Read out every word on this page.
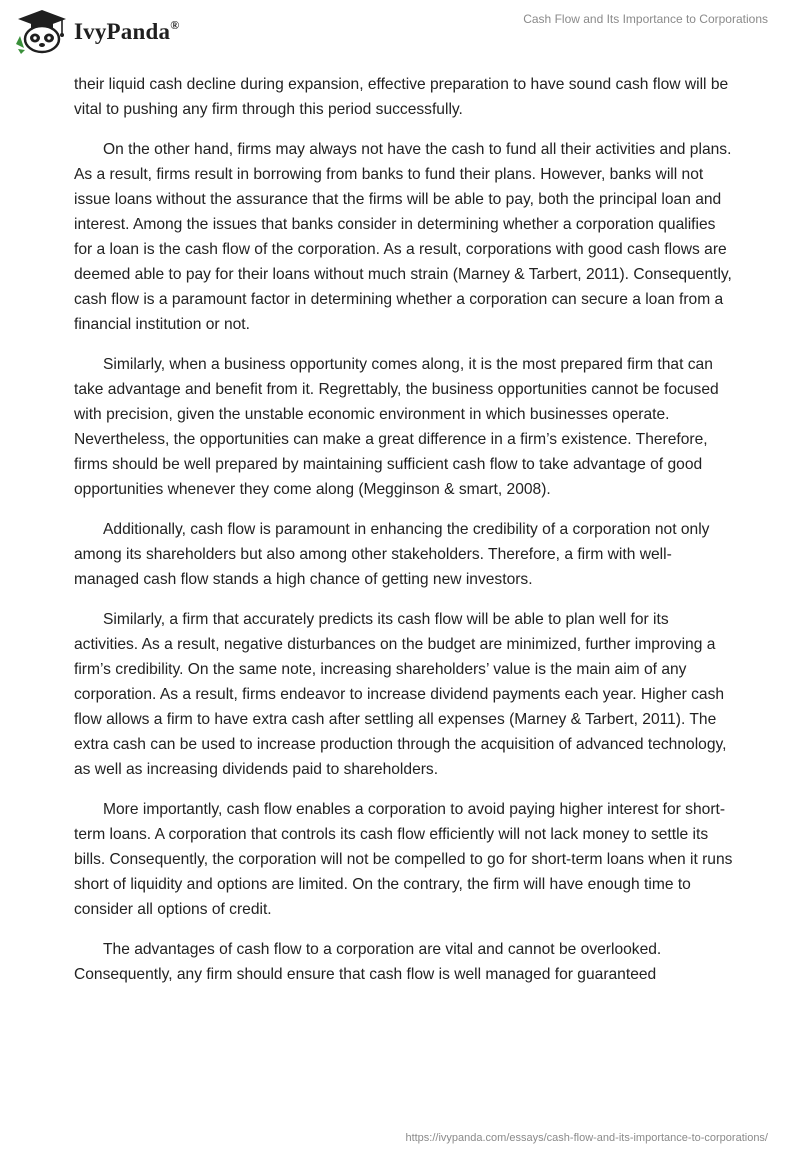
IvyPanda®	Cash Flow and Its Importance to Corporations

their liquid cash decline during expansion, effective preparation to have sound cash flow will be vital to pushing any firm through this period successfully.

On the other hand, firms may always not have the cash to fund all their activities and plans. As a result, firms result in borrowing from banks to fund their plans. However, banks will not issue loans without the assurance that the firms will be able to pay, both the principal loan and interest. Among the issues that banks consider in determining whether a corporation qualifies for a loan is the cash flow of the corporation. As a result, corporations with good cash flows are deemed able to pay for their loans without much strain (Marney & Tarbert, 2011). Consequently, cash flow is a paramount factor in determining whether a corporation can secure a loan from a financial institution or not.

Similarly, when a business opportunity comes along, it is the most prepared firm that can take advantage and benefit from it. Regrettably, the business opportunities cannot be focused with precision, given the unstable economic environment in which businesses operate. Nevertheless, the opportunities can make a great difference in a firm’s existence. Therefore, firms should be well prepared by maintaining sufficient cash flow to take advantage of good opportunities whenever they come along (Megginson & smart, 2008).

Additionally, cash flow is paramount in enhancing the credibility of a corporation not only among its shareholders but also among other stakeholders. Therefore, a firm with well-managed cash flow stands a high chance of getting new investors.

Similarly, a firm that accurately predicts its cash flow will be able to plan well for its activities. As a result, negative disturbances on the budget are minimized, further improving a firm’s credibility. On the same note, increasing shareholders’ value is the main aim of any corporation. As a result, firms endeavor to increase dividend payments each year. Higher cash flow allows a firm to have extra cash after settling all expenses (Marney & Tarbert, 2011). The extra cash can be used to increase production through the acquisition of advanced technology, as well as increasing dividends paid to shareholders.

More importantly, cash flow enables a corporation to avoid paying higher interest for short-term loans. A corporation that controls its cash flow efficiently will not lack money to settle its bills. Consequently, the corporation will not be compelled to go for short-term loans when it runs short of liquidity and options are limited. On the contrary, the firm will have enough time to consider all options of credit.

The advantages of cash flow to a corporation are vital and cannot be overlooked. Consequently, any firm should ensure that cash flow is well managed for guaranteed

https://ivypanda.com/essays/cash-flow-and-its-importance-to-corporations/
